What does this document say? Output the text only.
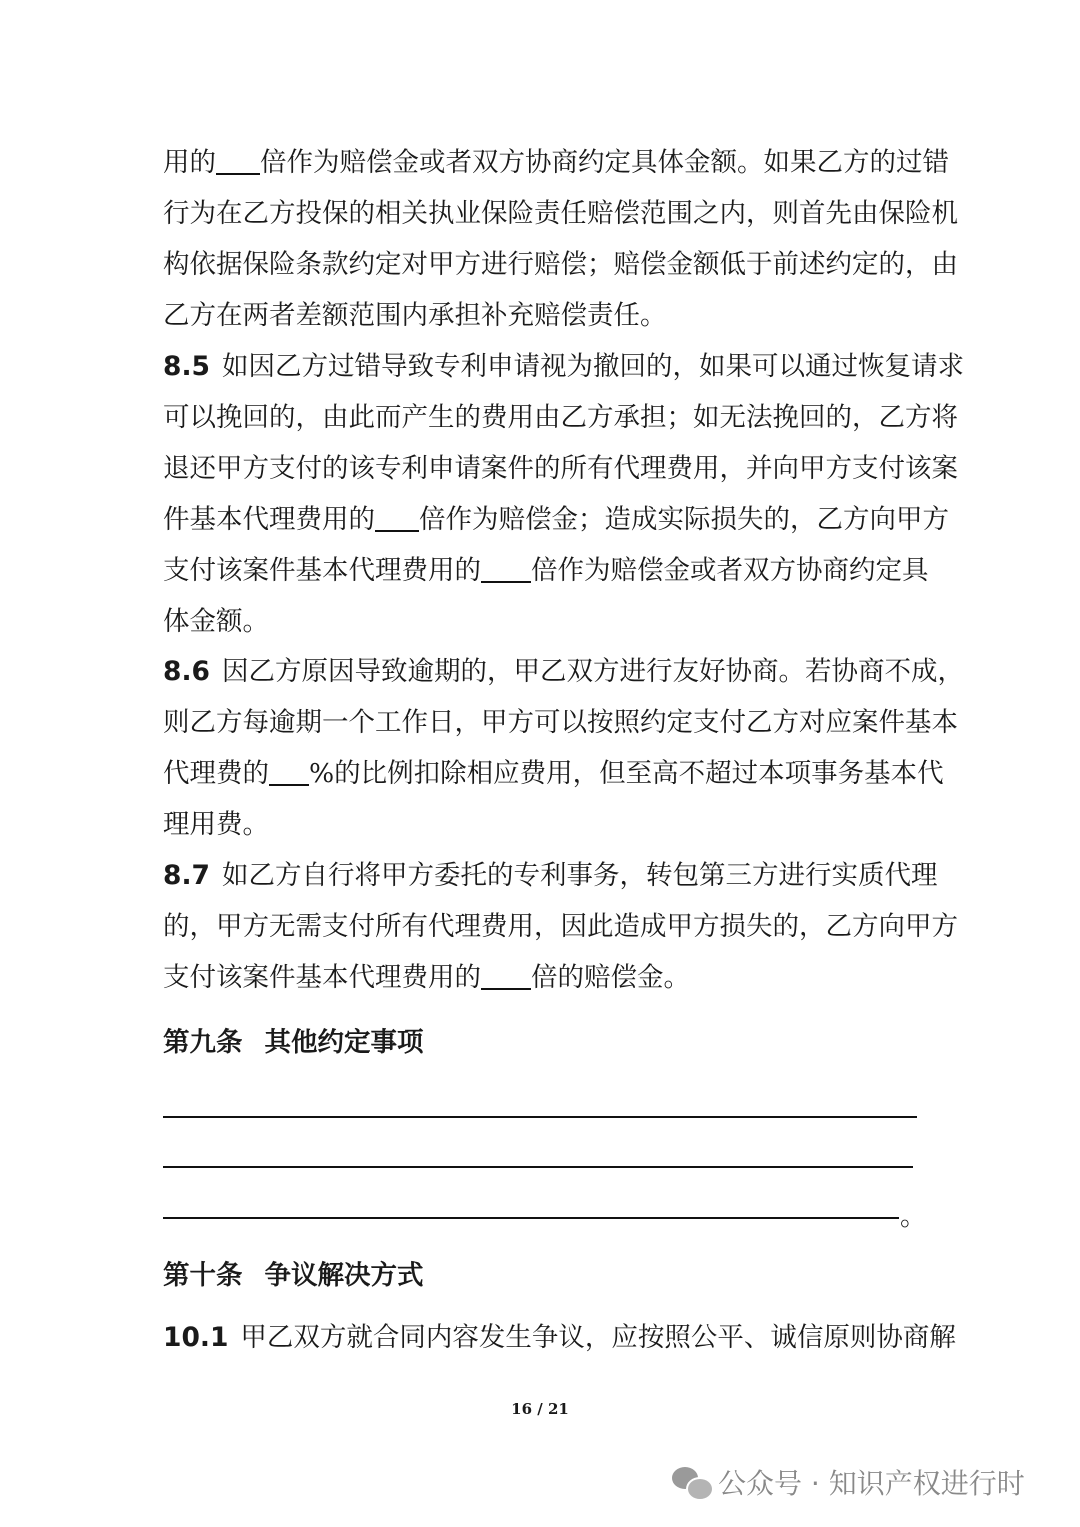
用的 倍作为赔偿金或者双方协商约定具体金额。如果乙方的过错
行为在乙方投保的相关执业保险责任赔偿范围之内，则首先由保险机
构依据保险条款约定对甲方进行赔偿；赔偿金额低于前述约定的，由
乙方在两者差额范围内承担补充赔偿责任。
8.5 如因乙方过错导致专利申请视为撤回的，如果可以通过恢复请求
可以挽回的，由此而产生的费用由乙方承担；如无法挽回的，乙方将
退还甲方支付的该专利申请案件的所有代理费用，并向甲方支付该案
件基本代理费用的 倍作为赔偿金；造成实际损失的，乙方向甲方
支付该案件基本代理费用的 倍作为赔偿金或者双方协商约定具
体金额。
8.6 因乙方原因导致逾期的，甲乙双方进行友好协商。若协商不成，
则乙方每逾期一个工作日，甲方可以按照约定支付乙方对应案件基本
代理费的 %的比例扣除相应费用，但至高不超过本项事务基本代
理用费。
8.7 如乙方自行将甲方委托的专利事务，转包第三方进行实质代理
的，甲方无需支付所有代理费用，因此造成甲方损失的，乙方向甲方
支付该案件基本代理费用的 倍的赔偿金。
第九条 其他约定事项
。
第十条 争议解决方式
10.1 甲乙双方就合同内容发生争议，应按照公平、诚信原则协商解
16 / 21
公众号 · 知识产权进行时
